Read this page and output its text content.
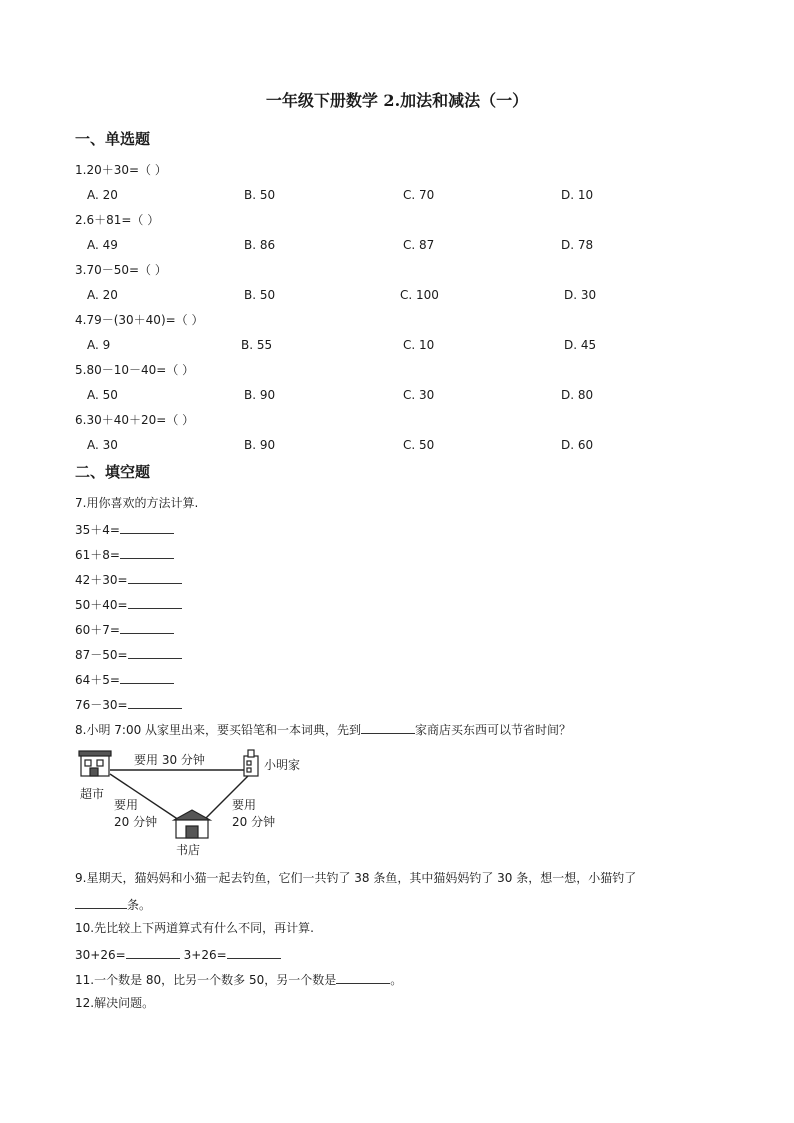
一年级下册数学 2.加法和减法（一）
一、单选题
1.20＋30=（ ）
A. 20	B. 50	C. 70	D. 10
2.6＋81=（ ）
A. 49	B. 86	C. 87	D. 78
3.70－50=（ ）
A. 20	B. 50	C. 100	D. 30
4.79－(30＋40)=（ ）
A. 9	B. 55	C. 10	D. 45
5.80－10－40=（ ）
A. 50	B. 90	C. 30	D. 80
6.30＋40＋20=（ ）
A. 30	B. 90	C. 50	D. 60
二、填空题
7.用你喜欢的方法计算.
35＋4=
61＋8=
42＋30=
50＋40=
60＋7=
87－50=
64＋5=
76－30=
8.小明 7:00 从家里出来，要买铅笔和一本词典，先到	家商店买东西可以节省时间？
超市
小明家
书店
要用 30 分钟
要用
20 分钟
要用
20 分钟
9.星期天，猫妈妈和小猫一起去钓鱼，它们一共钓了 38 条鱼，其中猫妈妈钓了 30 条，想一想，小猫钓了
条。
10.先比较上下两道算式有什么不同，再计算.
30+26=	3+26=
11.一个数是 80，比另一个数多 50，另一个数是	。
12.解决问题。
